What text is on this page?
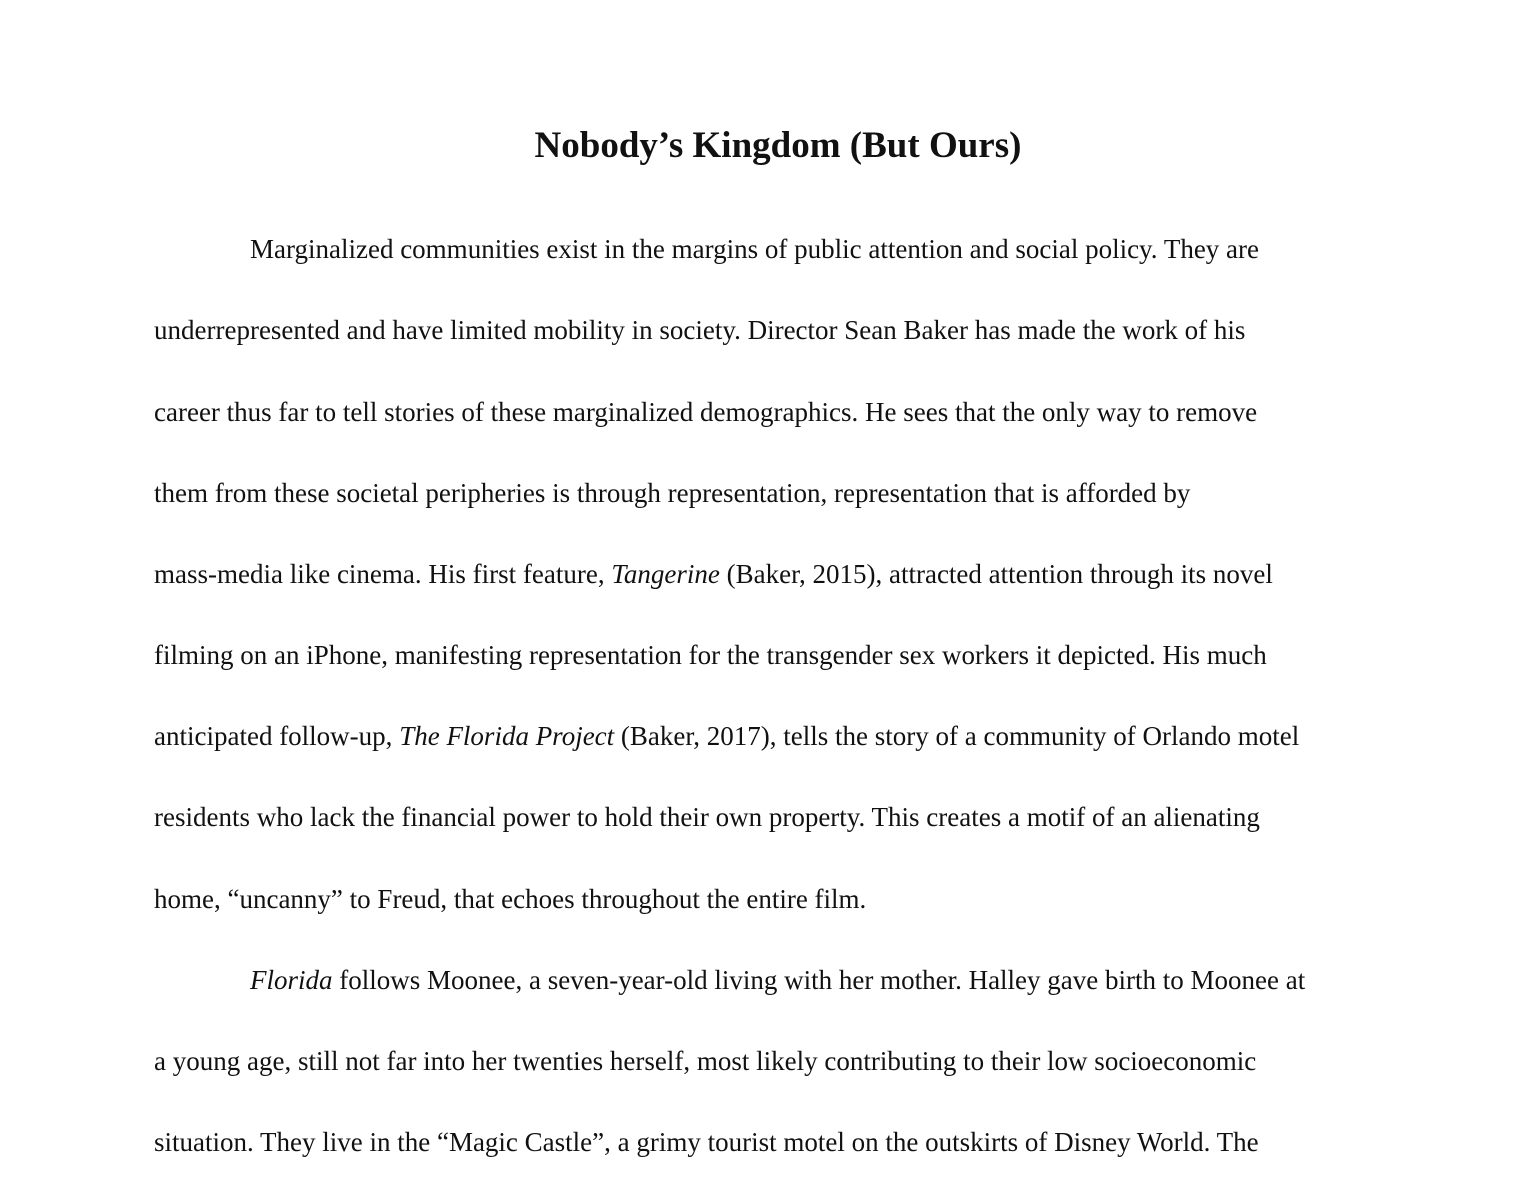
Nobody’s Kingdom (But Ours)
Marginalized communities exist in the margins of public attention and social policy. They are
underrepresented and have limited mobility in society. Director Sean Baker has made the work of his
career thus far to tell stories of these marginalized demographics. He sees that the only way to remove
them from these societal peripheries is through representation, representation that is afforded by
mass-media like cinema. His first feature, Tangerine (Baker, 2015), attracted attention through its novel
filming on an iPhone, manifesting representation for the transgender sex workers it depicted. His much
anticipated follow-up, The Florida Project (Baker, 2017), tells the story of a community of Orlando motel
residents who lack the financial power to hold their own property. This creates a motif of an alienating
home, “uncanny” to Freud, that echoes throughout the entire film.
Florida follows Moonee, a seven-year-old living with her mother. Halley gave birth to Moonee at
a young age, still not far into her twenties herself, most likely contributing to their low socioeconomic
situation. They live in the “Magic Castle”, a grimy tourist motel on the outskirts of Disney World. The
